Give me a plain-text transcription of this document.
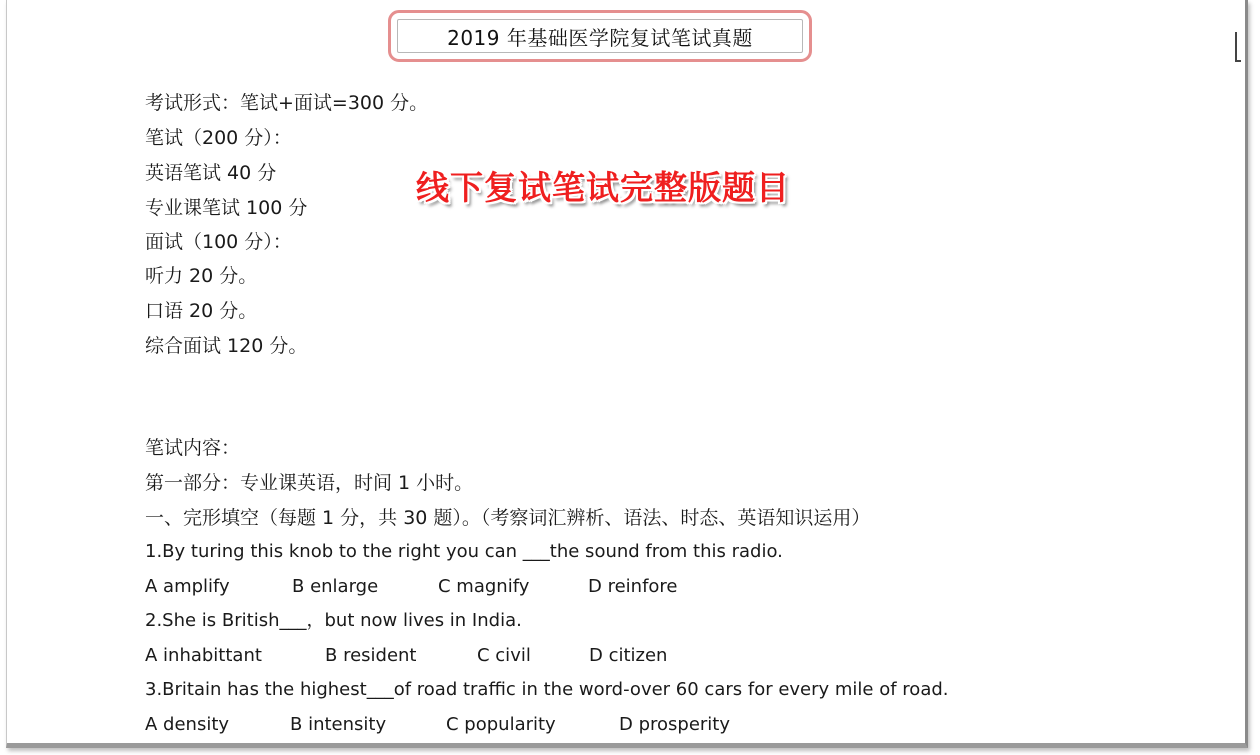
2019 年基础医学院复试笔试真题
线下复试笔试完整版题目
考试形式：笔试+面试=300 分。
笔试（200 分）：
英语笔试 40 分
专业课笔试 100 分
面试（100 分）：
听力 20 分。
口语 20 分。
综合面试 120 分。
笔试内容：
第一部分：专业课英语，时间 1 小时。
一、完形填空（每题 1 分，共 30 题）。（考察词汇辨析、语法、时态、英语知识运用）
1.By turing this knob to the right you can ___the sound from this radio.
A amplify	B enlarge	C magnify	D reinfore
2.She is British___，but now lives in India.
A inhabittant	B resident	C civil	D citizen
3.Britain has the highest___of road traffic in the word-over 60 cars for every mile of road.
A density	B intensity	C popularity	D prosperity
